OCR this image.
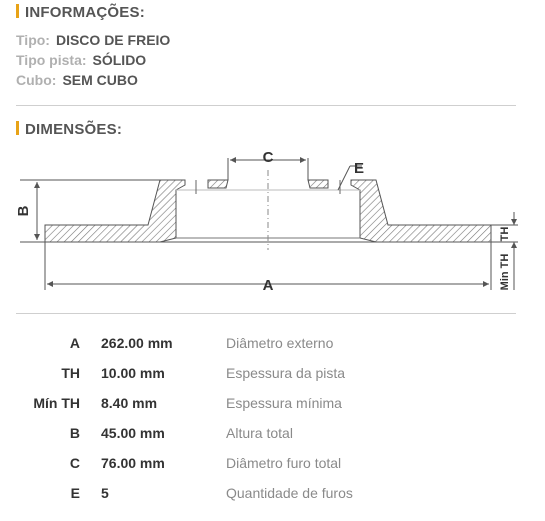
INFORMAÇÕES:
Tipo: DISCO DE FREIO
Tipo pista: SÓLIDO
Cubo: SEM CUBO
DIMENSÕES:
C
E
B
A
TH
Min TH
A 262.00 mm	Diâmetro externo
TH 10.00 mm	Espessura da pista
Mín TH 8.40 mm	Espessura mínima
B 45.00 mm	Altura total
C 76.00 mm	Diâmetro furo total
E 5	Quantidade de furos
